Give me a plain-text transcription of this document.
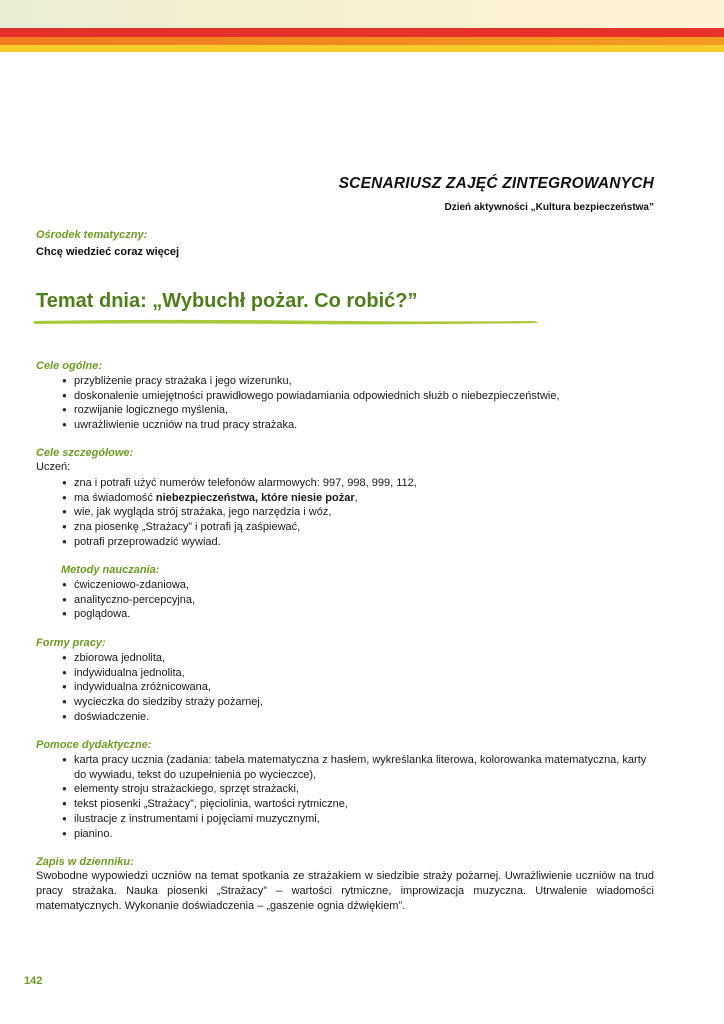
SCENARIUSZ ZAJĘĆ ZINTEGROWANYCH
Dzień aktywności „Kultura bezpieczeństwa”
Ośrodek tematyczny:
Chcę wiedzieć coraz więcej
Temat dnia: „Wybuchł pożar. Co robić?”
Cele ogólne:
● przybliżenie pracy strażaka i jego wizerunku,
● doskonalenie umiejętności prawidłowego powiadamiania odpowiednich służb o niebezpieczeństwie,
● rozwijanie logicznego myślenia,
● uwrażliwienie uczniów na trud pracy strażaka.
Cele szczegółowe:
Uczeń:
● zna i potrafi użyć numerów telefonów alarmowych: 997, 998, 999, 112,
● ma świadomość niebezpieczeństwa, które niesie pożar,
● wie, jak wygląda strój strażaka, jego narzędzia i wóz,
● zna piosenkę „Strażacy” i potrafi ją zaśpiewać,
● potrafi przeprowadzić wywiad.
Metody nauczania:
● ćwiczeniowo-zdaniowa,
● analityczno-percepcyjna,
● poglądowa.
Formy pracy:
● zbiorowa jednolita,
● indywidualna jednolita,
● indywidualna zróżnicowana,
● wycieczka do siedziby straży pożarnej,
● doświadczenie.
Pomoce dydaktyczne:
● karta pracy ucznia (zadania: tabela matematyczna z hasłem, wykreślanka literowa, kolorowanka matematyczna, karty do wywiadu, tekst do uzupełnienia po wycieczce),
● elementy stroju strażackiego, sprzęt strażacki,
● tekst piosenki „Strażacy”, pięciolinia, wartości rytmiczne,
● ilustracje z instrumentami i pojęciami muzycznymi,
● pianino.
Zapis w dzienniku:
Swobodne wypowiedzi uczniów na temat spotkania ze strażakiem w siedzibie straży pożarnej. Uwrażliwienie uczniów na trud pracy strażaka. Nauka piosenki „Strażacy” – wartości rytmiczne, improwizacja muzyczna. Utrwalenie wiadomości matematycznych. Wykonanie doświadczenia – „gaszenie ognia dźwiękiem”.
142
